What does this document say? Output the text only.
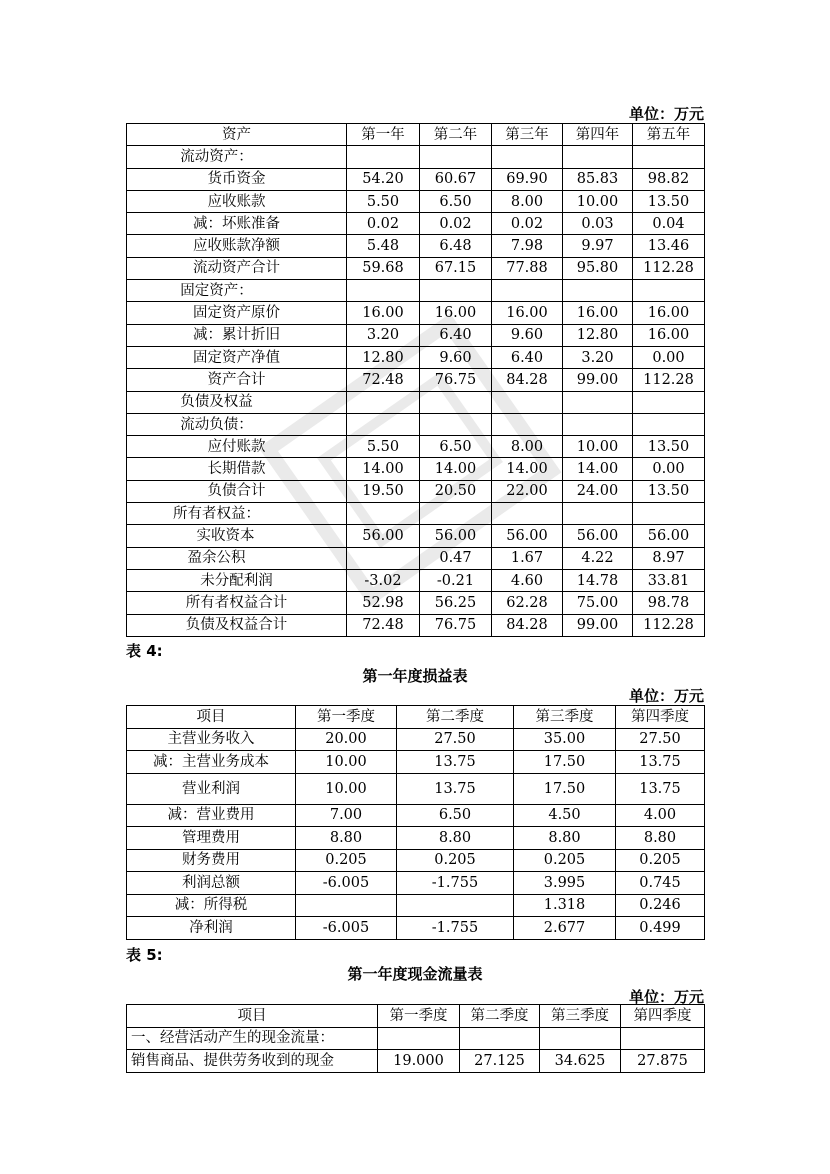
单位：万元
资产	第一年	第二年	第三年	第四年	第五年
流动资产：					
货币资金	54.20	60.67	69.90	85.83	98.82
应收账款	5.50	6.50	8.00	10.00	13.50
减：坏账准备	0.02	0.02	0.02	0.03	0.04
应收账款净额	5.48	6.48	7.98	9.97	13.46
流动资产合计	59.68	67.15	77.88	95.80	112.28
固定资产：					
固定资产原价	16.00	16.00	16.00	16.00	16.00
减：累计折旧	3.20	6.40	9.60	12.80	16.00
固定资产净值	12.80	9.60	6.40	3.20	0.00
资产合计	72.48	76.75	84.28	99.00	112.28
负债及权益					
流动负债：					
应付账款	5.50	6.50	8.00	10.00	13.50
长期借款	14.00	14.00	14.00	14.00	0.00
负债合计	19.50	20.50	22.00	24.00	13.50
所有者权益：					
实收资本	56.00	56.00	56.00	56.00	56.00
盈余公积		0.47	1.67	4.22	8.97
未分配利润	-3.02	-0.21	4.60	14.78	33.81
所有者权益合计	52.98	56.25	62.28	75.00	98.78
负债及权益合计	72.48	76.75	84.28	99.00	112.28
表 4:
第一年度损益表
单位：万元
项目	第一季度	第二季度	第三季度	第四季度
主营业务收入	20.00	27.50	35.00	27.50
减：主营业务成本	10.00	13.75	17.50	13.75
营业利润	10.00	13.75	17.50	13.75
减：营业费用	7.00	6.50	4.50	4.00
管理费用	8.80	8.80	8.80	8.80
财务费用	0.205	0.205	0.205	0.205
利润总额	-6.005	-1.755	3.995	0.745
减：所得税			1.318	0.246
净利润	-6.005	-1.755	2.677	0.499
表 5:
第一年度现金流量表
单位：万元
项目	第一季度	第二季度	第三季度	第四季度
一、经营活动产生的现金流量：				
销售商品、提供劳务收到的现金	19.000	27.125	34.625	27.875
